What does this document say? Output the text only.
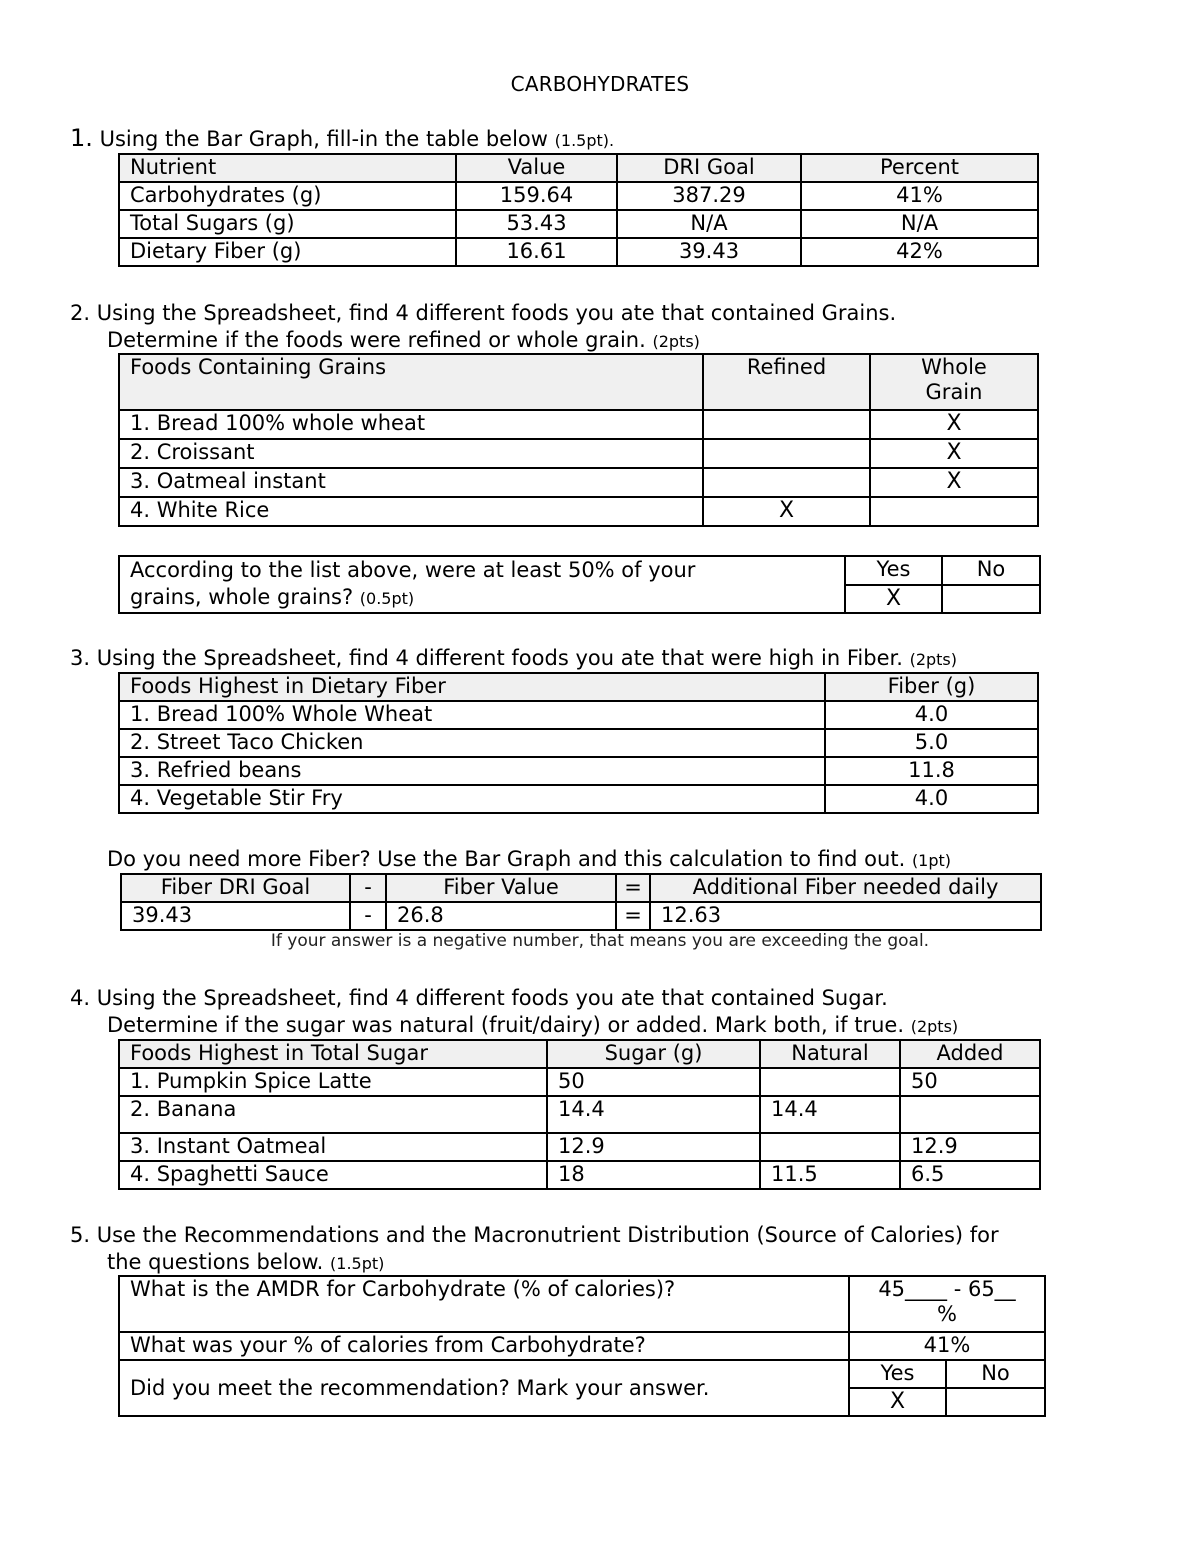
CARBOHYDRATES
1. Using the Bar Graph, fill-in the table below (1.5pt).
Nutrient	Value	DRI Goal	Percent
Carbohydrates (g)	159.64	387.29	41%
Total Sugars (g)	53.43	N/A	N/A
Dietary Fiber (g)	16.61	39.43	42%
2. Using the Spreadsheet, find 4 different foods you ate that contained Grains.
Determine if the foods were refined or whole grain. (2pts)
Foods Containing Grains	Refined	Whole
Grain

1. Bread 100% whole wheat		X
2. Croissant		X
3. Oatmeal instant		X
4. White Rice	X	
According to the list above, were at least 50% of your
grains, whole grains? (0.5pt)	Yes	No
	X	
3. Using the Spreadsheet, find 4 different foods you ate that were high in Fiber. (2pts)
Foods Highest in Dietary Fiber	Fiber (g)
1. Bread 100% Whole Wheat	4.0
2. Street Taco Chicken	5.0
3. Refried beans	11.8
4. Vegetable Stir Fry	4.0
Do you need more Fiber? Use the Bar Graph and this calculation to find out. (1pt)
Fiber DRI Goal	-	Fiber Value	=	Additional Fiber needed daily
39.43	-	26.8	=	12.63
If your answer is a negative number, that means you are exceeding the goal.
4. Using the Spreadsheet, find 4 different foods you ate that contained Sugar.
Determine if the sugar was natural (fruit/dairy) or added. Mark both, if true. (2pts)
Foods Highest in Total Sugar	Sugar (g)	Natural	Added
1. Pumpkin Spice Latte	50		50
2. Banana	14.4	14.4	
3. Instant Oatmeal	12.9		12.9
4. Spaghetti Sauce	18	11.5	6.5
5. Use the Recommendations and the Macronutrient Distribution (Source of Calories) for
the questions below. (1.5pt)
What is the AMDR for Carbohydrate (% of calories)?	45____ - 65__
%	

What was your % of calories from Carbohydrate?	41%	
Did you meet the recommendation? Mark your answer.	Yes	No
	X	
